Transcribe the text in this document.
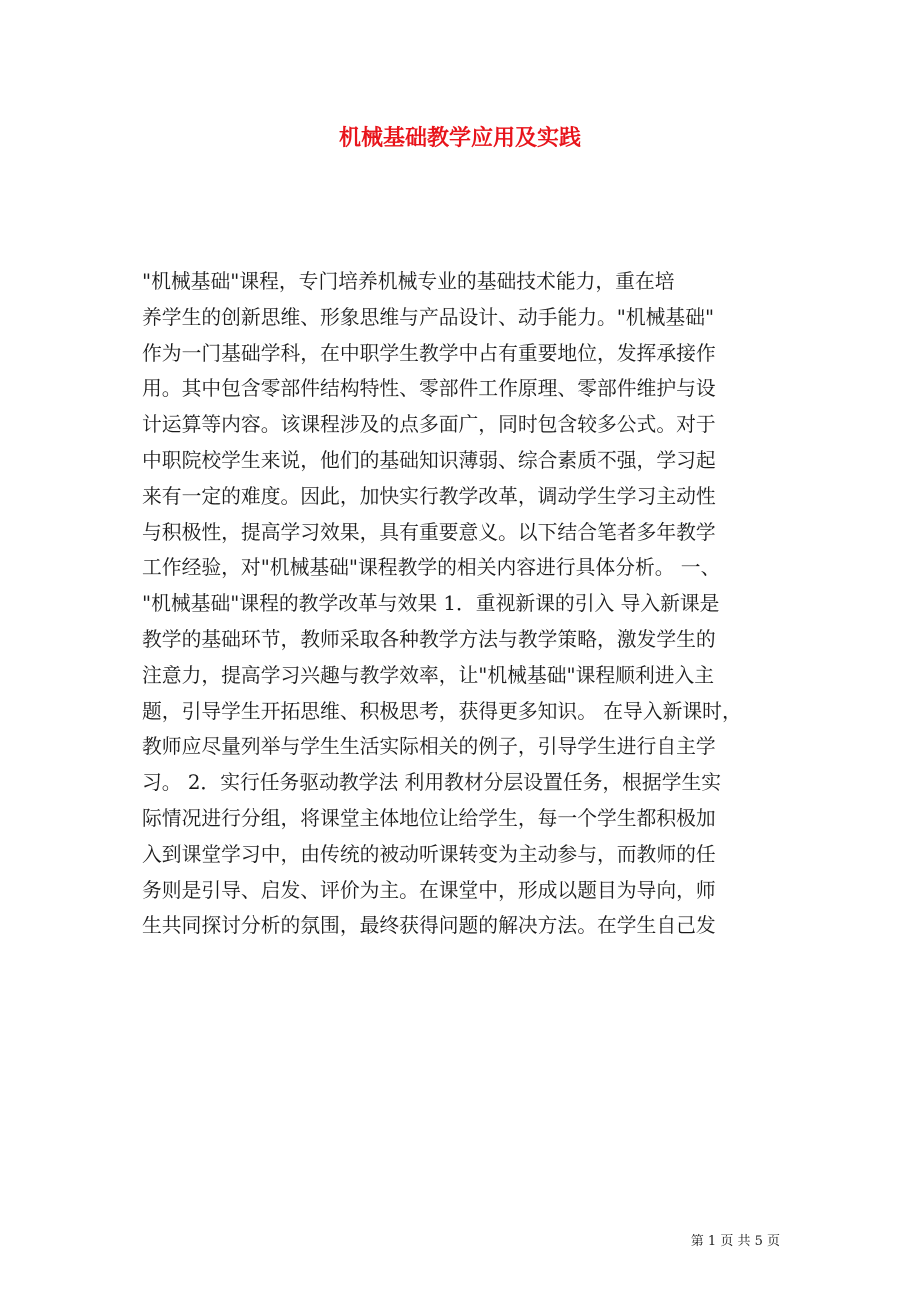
机械基础教学应用及实践
"机械基础"课程，专门培养机械专业的基础技术能力，重在培
养学生的创新思维、形象思维与产品设计、动手能力。"机械基础"
作为一门基础学科，在中职学生教学中占有重要地位，发挥承接作
用。其中包含零部件结构特性、零部件工作原理、零部件维护与设
计运算等内容。该课程涉及的点多面广，同时包含较多公式。对于
中职院校学生来说，他们的基础知识薄弱、综合素质不强，学习起
来有一定的难度。因此，加快实行教学改革，调动学生学习主动性
与积极性，提高学习效果，具有重要意义。以下结合笔者多年教学
工作经验，对"机械基础"课程教学的相关内容进行具体分析。 一、
"机械基础"课程的教学改革与效果 1．重视新课的引入 导入新课是
教学的基础环节，教师采取各种教学方法与教学策略，激发学生的
注意力，提高学习兴趣与教学效率，让"机械基础"课程顺利进入主
题，引导学生开拓思维、积极思考，获得更多知识。 在导入新课时，
教师应尽量列举与学生生活实际相关的例子，引导学生进行自主学
习。 2．实行任务驱动教学法 利用教材分层设置任务，根据学生实
际情况进行分组，将课堂主体地位让给学生，每一个学生都积极加
入到课堂学习中，由传统的被动听课转变为主动参与，而教师的任
务则是引导、启发、评价为主。在课堂中，形成以题目为导向，师
生共同探讨分析的氛围，最终获得问题的解决方法。在学生自己发
第 1 页 共 5 页
